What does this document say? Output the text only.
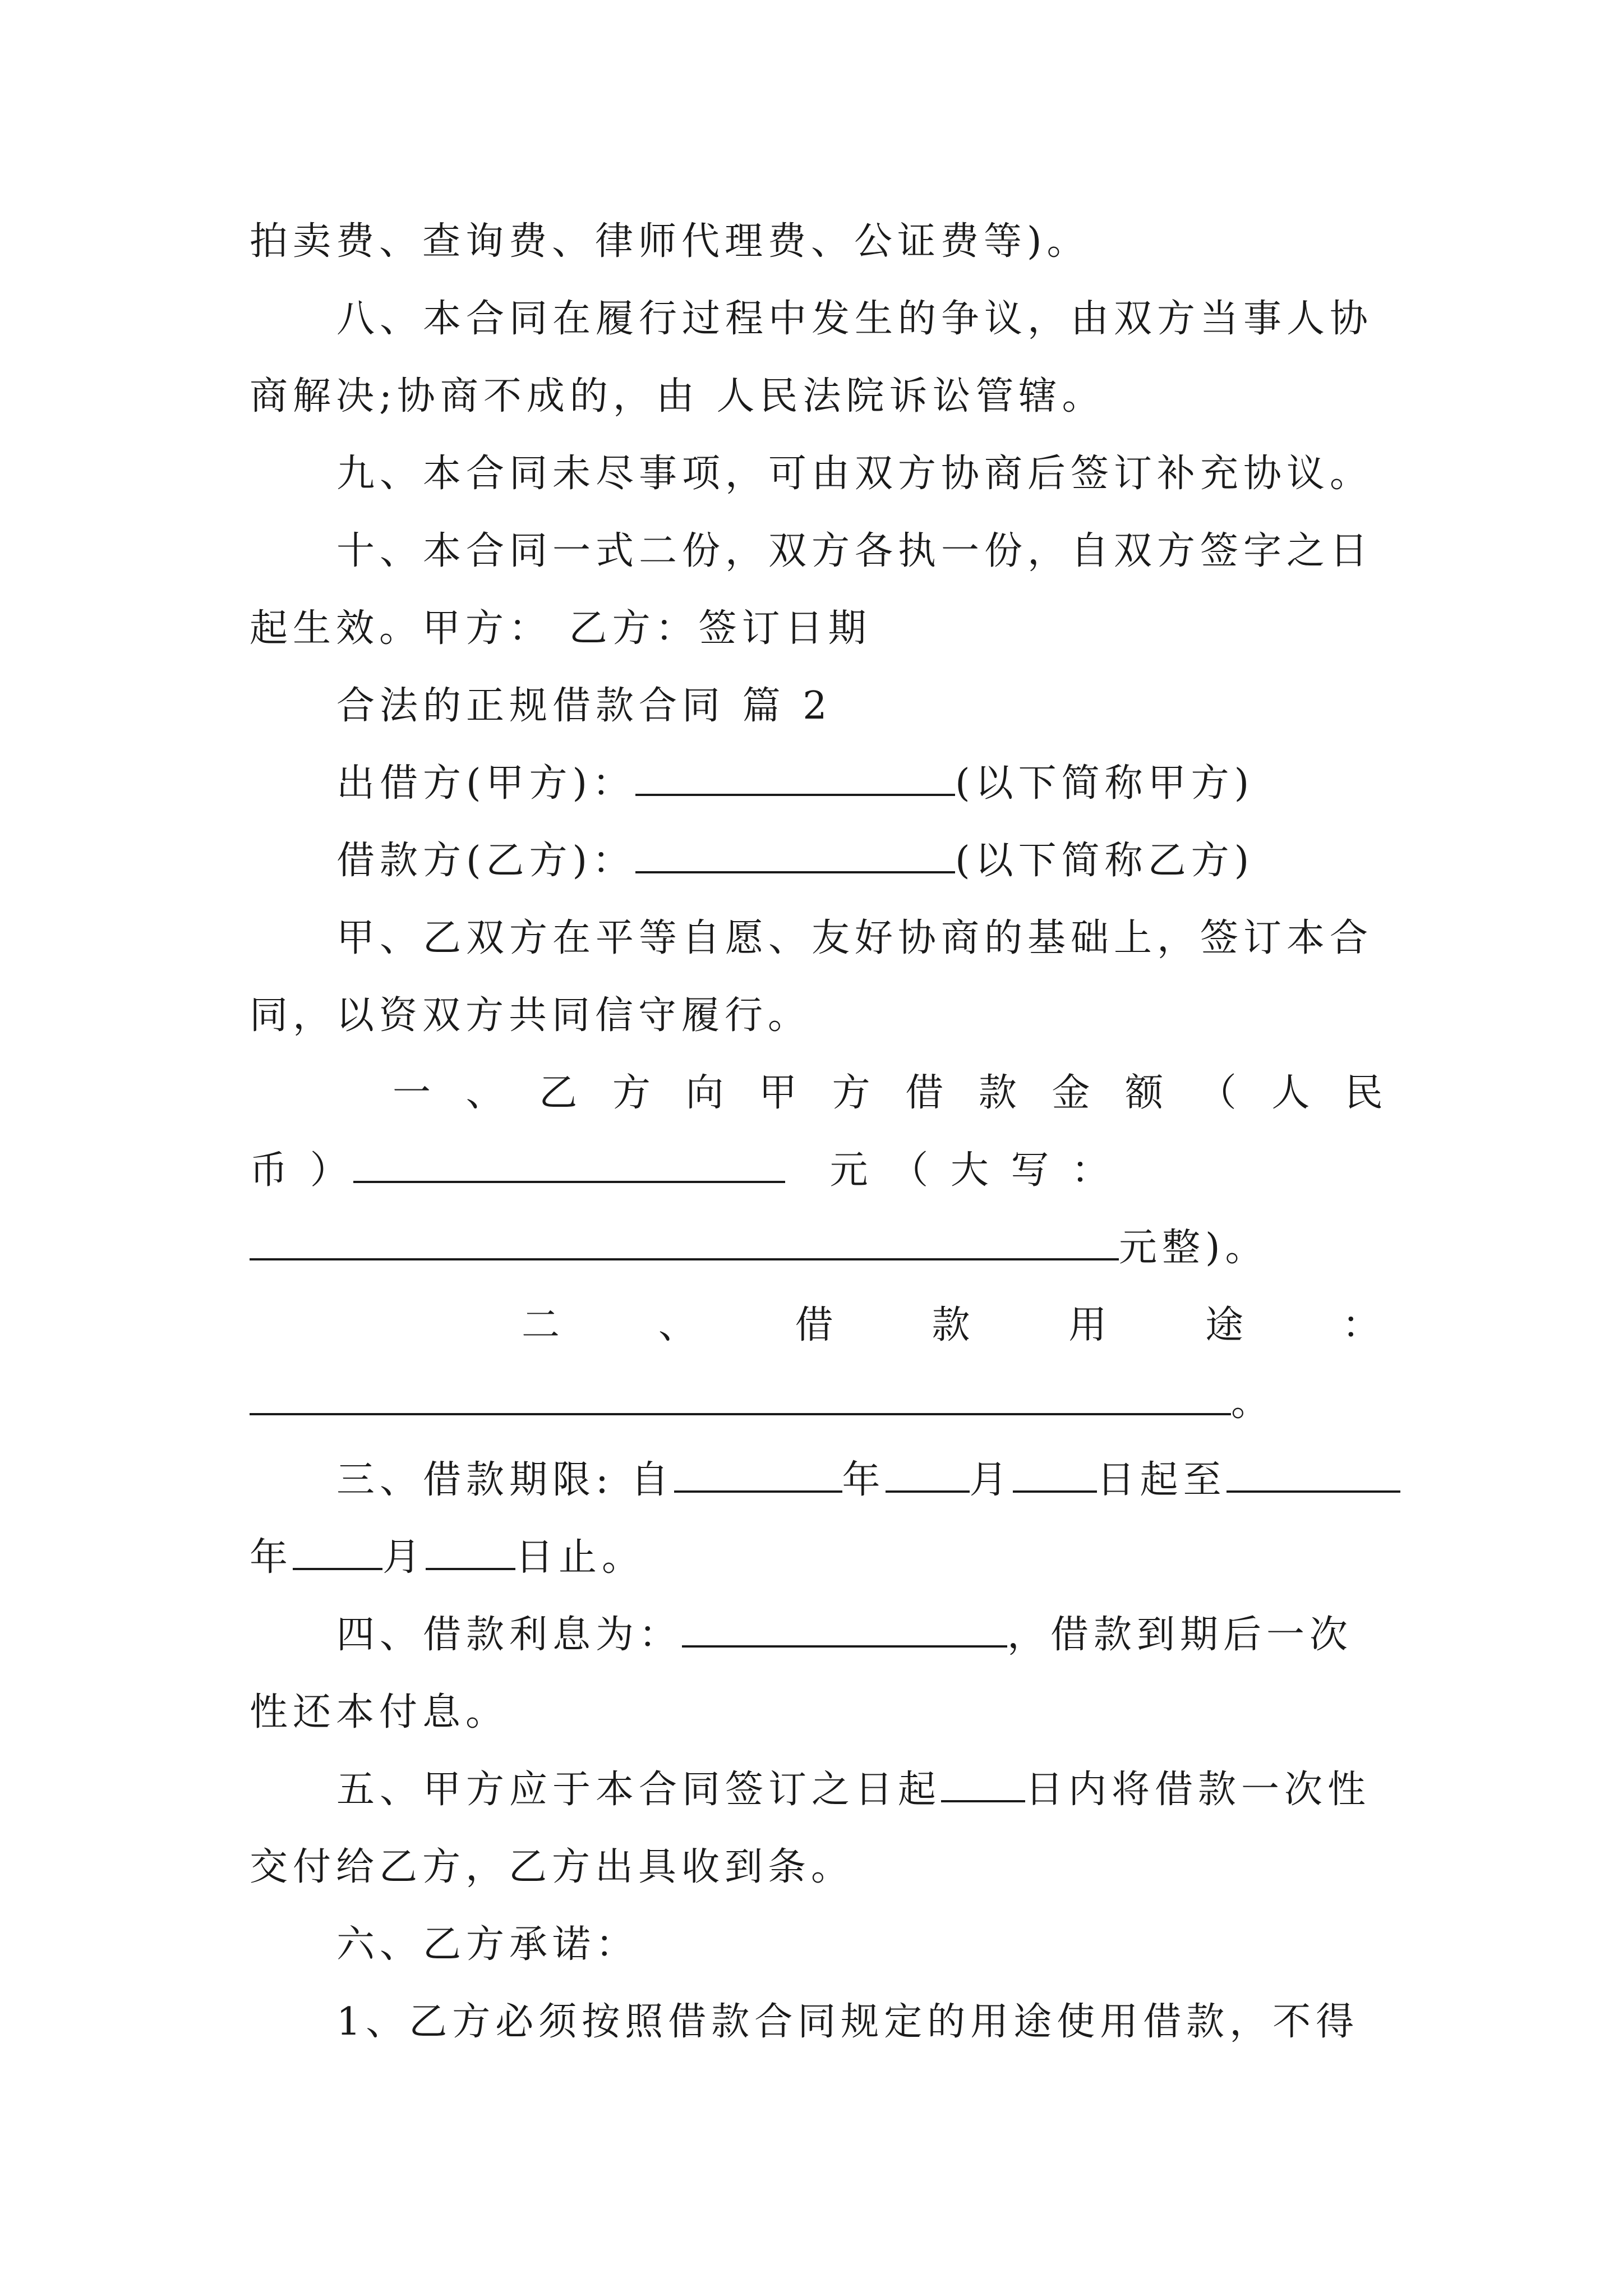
拍卖费、查询费、律师代理费、公证费等)。
八、本合同在履行过程中发生的争议，由双方当事人协
商解决;协商不成的，由 人民法院诉讼管辖。
九、本合同未尽事项，可由双方协商后签订补充协议。
十、本合同一式二份，双方各执一份，自双方签字之日
起生效。甲方： 乙方：签订日期
合法的正规借款合同 篇 2
出借方(甲方)：	(以下简称甲方)
借款方(乙方)：	(以下简称乙方)
甲、乙双方在平等自愿、友好协商的基础上，签订本合
同，以资双方共同信守履行。
一 、 乙 方 向 甲 方 借 款 金 额 （ 人 民
币 ）	元 （ 大 写 ：
元整)。
二 、 借 款 用 途 ：
。
三、借款期限: 自	年 月 日起至
年 月 日止。
四、借款利息为：	，借款到期后一次
性还本付息。
五、甲方应于本合同签订之日起 日内将借款一次性
交付给乙方，乙方出具收到条。
六、乙方承诺：
1、乙方必须按照借款合同规定的用途使用借款，不得
